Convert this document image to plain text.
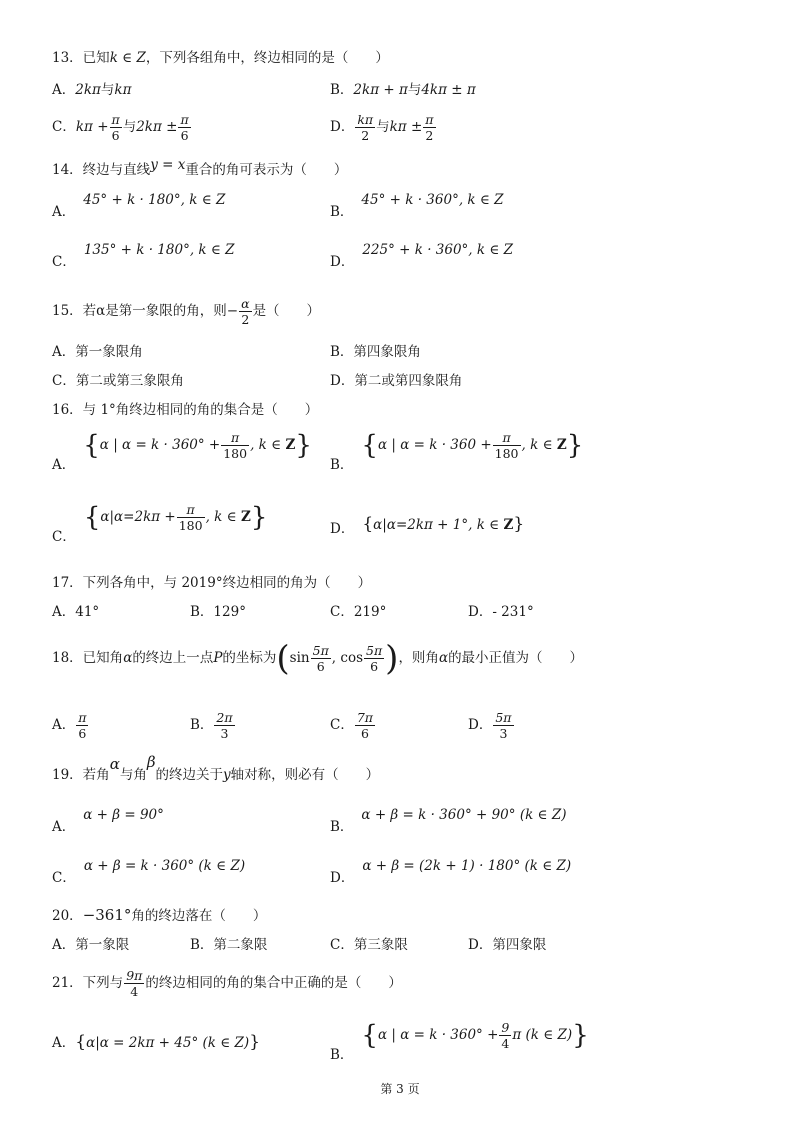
13．已知k ∈ Z，下列各组角中，终边相同的是（　　）
A．2kπ与kπ	B．2kπ + π与4kπ ± π
C．$k\pi + \frac{\pi}{6}$ 与$2k\pi \pm \frac{\pi}{6}$	D． $\frac{k\pi}{2}$ 与$k\pi \pm \frac{\pi}{2}$
14．终边与直线y = x重合的角可表示为（　　）
A．45° + k · 180°, k ∈ Z
B．45° + k · 360°, k ∈ Z
C．135° + k · 180°, k ∈ Z
D．225° + k · 360°, k ∈ Z
15．若α是第一象限的角，则− $\frac{\alpha}{2}$ 是（　　）
A．第一象限角	B．第四象限角
C．第二或第三象限角	D．第二或第四象限角
16．与 1°角终边相同的角的集合是（　　）
A．{α | $\alpha = k \cdot 360^\circ + \frac{\pi}{180}$ , k ∈ Z}
B．{α | $\alpha = k \cdot 360 + \frac{\pi}{180}$ , k ∈ Z}
C．{$\alpha|\alpha=2k\pi + \frac{\pi}{180}$ , k ∈ Z}	D． {α|α=2kπ + 1°, k ∈ Z}
17．下列各角中，与 2019°终边相同的角为（　　）
A．41°	B．129°	C．219°	D．- 231°
18．已知角α的终边上一点P的坐标为($\sin \frac{5\pi}{6}$ , $\cos \frac{5\pi}{6}$ )，则角α的最小正值为（　　）
A． $\frac{\pi}{6}$	B． $\frac{2\pi}{3}$	C． $\frac{7\pi}{6}$	D． $\frac{5\pi}{3}$
19．若角α与角β的终边关于y轴对称，则必有（　　）
A．α + β = 90°
B．α + β = k · 360° + 90° (k ∈ Z)
C．α + β = k · 360° (k ∈ Z)
D．α + β = (2k + 1) · 180° (k ∈ Z)
20．−361°角的终边落在（　　）
A．第一象限	B．第二象限	C．第三象限	D．第四象限
21．下列与 $\frac{9\pi}{4}$ 的终边相同的角的集合中正确的是（　　）
A．{α|α = 2kπ + 45° (k ∈ Z)}
B．{α | $\alpha = k \cdot 360^\circ + \frac{9}{4}$ π (k ∈ Z)}
第 3 页
